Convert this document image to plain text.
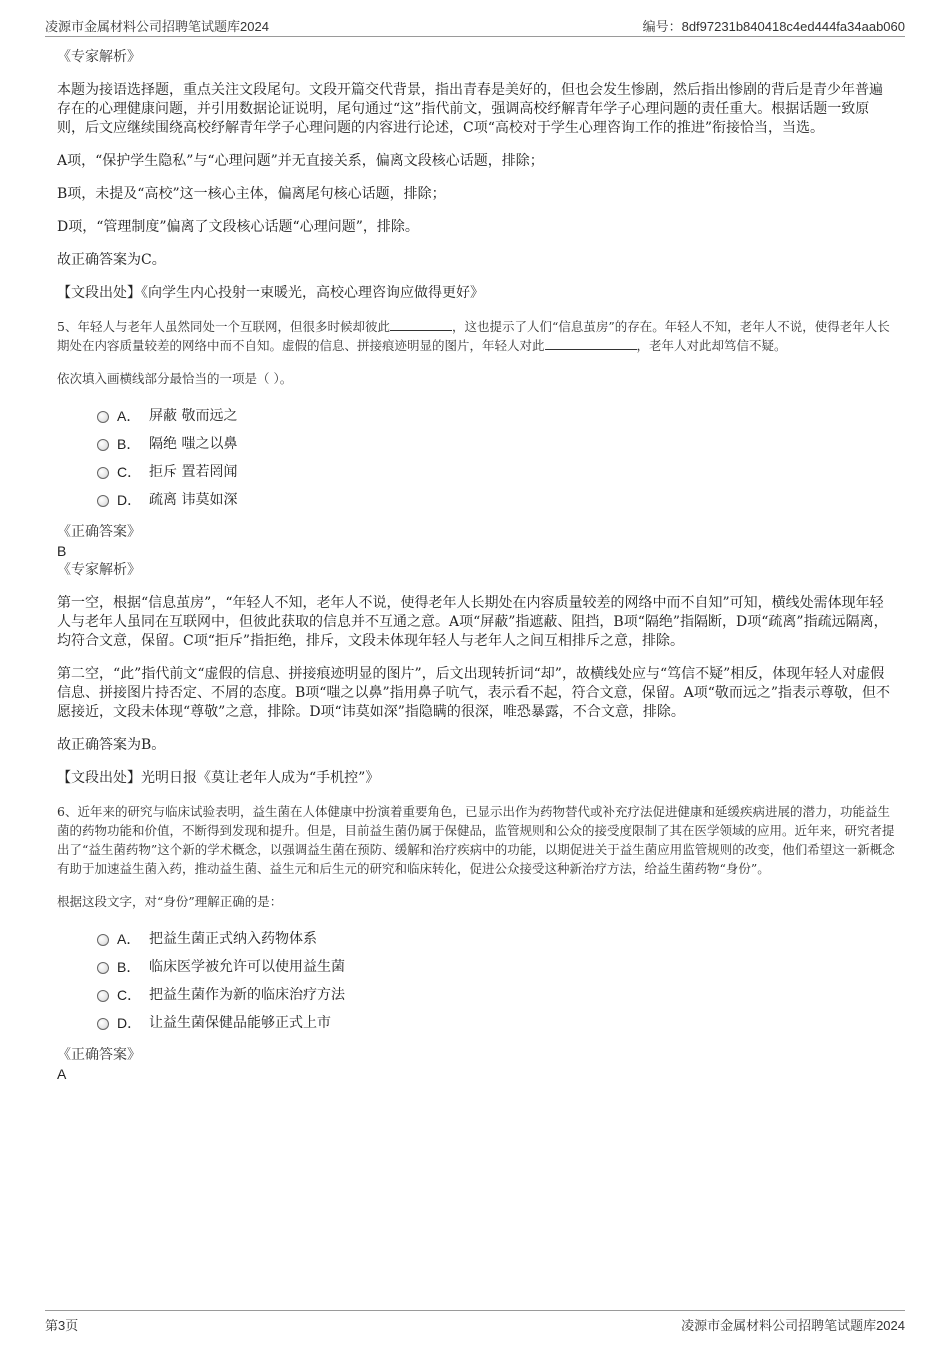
凌源市金属材料公司招聘笔试题库2024	编号：8df97231b840418c4ed444fa34aab060
《专家解析》
本题为接语选择题，重点关注文段尾句。文段开篇交代背景，指出青春是美好的，但也会发生惨剧，然后指出惨剧的背后是青少年普遍存在的心理健康问题，并引用数据论证说明，尾句通过“这”指代前文，强调高校纾解青年学子心理问题的责任重大。根据话题一致原则，后文应继续围绕高校纾解青年学子心理问题的内容进行论述，C项“高校对于学生心理咨询工作的推进”衔接恰当，当选。
A项，“保护学生隐私”与“心理问题”并无直接关系，偏离文段核心话题，排除；
B项，未提及“高校”这一核心主体，偏离尾句核心话题，排除；
D项，“管理制度”偏离了文段核心话题“心理问题”，排除。
故正确答案为C。
【文段出处】《向学生内心投射一束暖光，高校心理咨询应做得更好》
5、年轻人与老年人虽然同处一个互联网，但很多时候却彼此	，这也提示了人们“信息茧房”的存在。年轻人不知，老年人不说，使得老年人长期处在内容质量较差的网络中而不自知。虚假的信息、拼接痕迹明显的图片，年轻人对此	，老年人对此却笃信不疑。
依次填入画横线部分最恰当的一项是（ ）。
A． 屏蔽 敬而远之
B． 隔绝 嗤之以鼻
C． 拒斥 置若罔闻
D． 疏离 讳莫如深
《正确答案》
B
《专家解析》
第一空，根据“信息茧房”，“年轻人不知，老年人不说，使得老年人长期处在内容质量较差的网络中而不自知”可知，横线处需体现年轻人与老年人虽同在互联网中，但彼此获取的信息并不互通之意。A项“屏蔽”指遮蔽、阻挡，B项“隔绝”指隔断，D项“疏离”指疏远隔离，均符合文意，保留。C项“拒斥”指拒绝，排斥，文段未体现年轻人与老年人之间互相排斥之意，排除。
第二空，“此”指代前文“虚假的信息、拼接痕迹明显的图片”，后文出现转折词“却”，故横线处应与“笃信不疑”相反，体现年轻人对虚假信息、拼接图片持否定、不屑的态度。B项“嗤之以鼻”指用鼻子吭气，表示看不起，符合文意，保留。A项“敬而远之”指表示尊敬，但不愿接近，文段未体现“尊敬”之意，排除。D项“讳莫如深”指隐瞒的很深，唯恐暴露，不合文意，排除。
故正确答案为B。
【文段出处】光明日报《莫让老年人成为“手机控”》
6、近年来的研究与临床试验表明，益生菌在人体健康中扮演着重要角色，已显示出作为药物替代或补充疗法促进健康和延缓疾病进展的潜力，功能益生菌的药物功能和价值，不断得到发现和提升。但是，目前益生菌仍属于保健品，监管规则和公众的接受度限制了其在医学领域的应用。近年来，研究者提出了“益生菌药物”这个新的学术概念，以强调益生菌在预防、缓解和治疗疾病中的功能，以期促进关于益生菌应用监管规则的改变，他们希望这一新概念有助于加速益生菌入药，推动益生菌、益生元和后生元的研究和临床转化，促进公众接受这种新治疗方法，给益生菌药物“身份”。
根据这段文字，对“身份”理解正确的是：
A． 把益生菌正式纳入药物体系
B． 临床医学被允许可以使用益生菌
C． 把益生菌作为新的临床治疗方法
D． 让益生菌保健品能够正式上市
《正确答案》
A
第3页	凌源市金属材料公司招聘笔试题库2024
